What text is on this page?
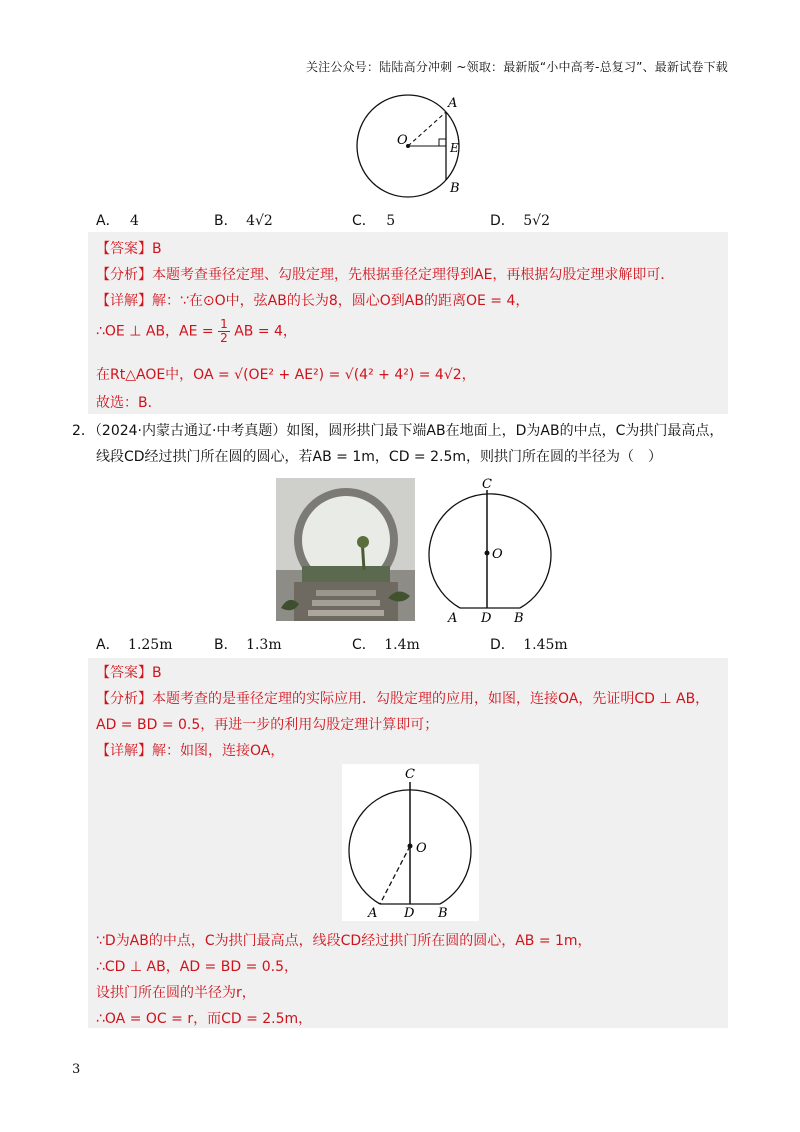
关注公众号：陆陆高分冲刺 ~领取：最新版“小中高考-总复习”、最新试卷下载
A
O	E
B
A． 4	B． 4√2	C． 5	D． 5√2
【答案】B
【分析】本题考查垂径定理、勾股定理，先根据垂径定理得到AE，再根据勾股定理求解即可．
【详解】解：∵在⊙O中，弦AB的长为8，圆心O到AB的距离OE = 4，
∴OE ⊥ AB，AE = $\frac{1}{2}$ AB = 4，
在Rt△AOE中，OA = √(OE² + AE²) = √(4² + 4²) = 4√2，
故选：B．
2．（2024·内蒙古通辽·中考真题）如图，圆形拱门最下端AB在地面上，D为AB的中点，C为拱门最高点，
线段CD经过拱门所在圆的圆心，若AB = 1m，CD = 2.5m，则拱门所在圆的半径为（　）
C
O
A D B
A． 1.25m	B． 1.3m	C． 1.4m	D． 1.45m
【答案】B
【分析】本题考查的是垂径定理的实际应用．勾股定理的应用，如图，连接OA，先证明CD ⊥ AB，
AD = BD = 0.5，再进一步的利用勾股定理计算即可；
【详解】解：如图，连接OA，
C
O
A D B
∵D为AB的中点，C为拱门最高点，线段CD经过拱门所在圆的圆心，AB = 1m，
∴CD ⊥ AB，AD = BD = 0.5，
设拱门所在圆的半径为r，
∴OA = OC = r，而CD = 2.5m，
3
